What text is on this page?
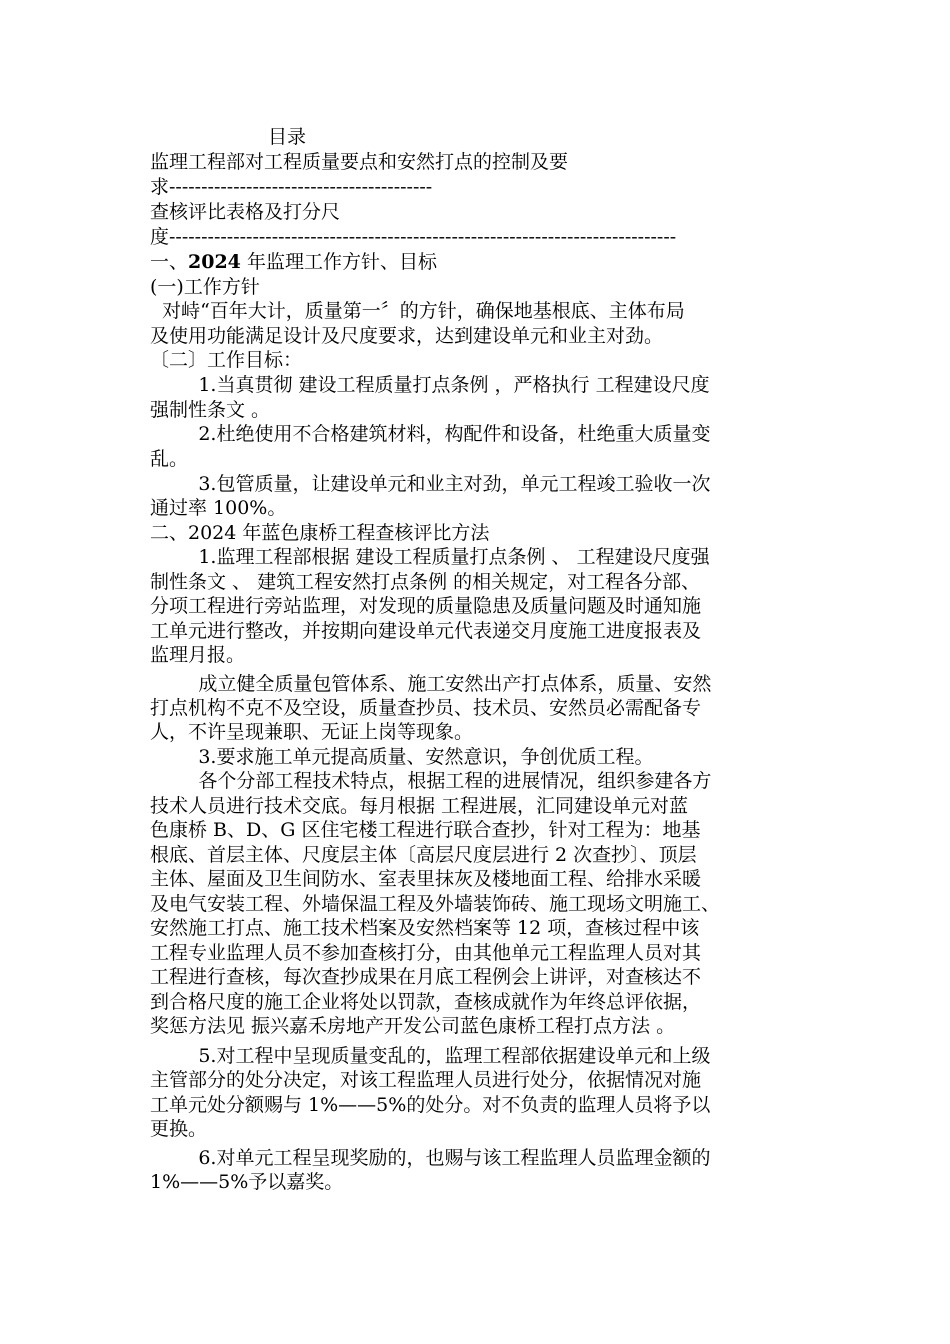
目录
监理工程部对工程质量要点和安然打点的控制及要
求-----------------------------------------
查核评比表格及打分尺
度-------------------------------------------------------------------------------
一、2024 年监理工作方针、目标
(一)工作方针
对峙“百年大计，质量第一〞的方针，确保地基根底、主体布局
及使用功能满足设计及尺度要求，达到建设单元和业主对劲。
〔二〕工作目标：
1.当真贯彻 建设工程质量打点条例 ，严格执行 工程建设尺度
强制性条文 。
2.杜绝使用不合格建筑材料，构配件和设备，杜绝重大质量变
乱。
3.包管质量，让建设单元和业主对劲，单元工程竣工验收一次
通过率 100%。
二、2024 年蓝色康桥工程查核评比方法
1.监理工程部根据 建设工程质量打点条例 、 工程建设尺度强
制性条文 、 建筑工程安然打点条例 的相关规定，对工程各分部、
分项工程进行旁站监理，对发现的质量隐患及质量问题及时通知施
工单元进行整改，并按期向建设单元代表递交月度施工进度报表及
监理月报。
成立健全质量包管体系、施工安然出产打点体系，质量、安然
打点机构不克不及空设，质量查抄员、技术员、安然员必需配备专
人，不许呈现兼职、无证上岗等现象。
3.要求施工单元提高质量、安然意识，争创优质工程。
各个分部工程技术特点，根据工程的进展情况，组织参建各方
技术人员进行技术交底。每月根据 工程进展，汇同建设单元对蓝
色康桥 B、D、G 区住宅楼工程进行联合查抄，针对工程为：地基
根底、首层主体、尺度层主体〔高层尺度层进行 2 次查抄〕、顶层
主体、屋面及卫生间防水、室表里抹灰及楼地面工程、给排水采暖
及电气安装工程、外墙保温工程及外墙装饰砖、施工现场文明施工、
安然施工打点、施工技术档案及安然档案等 12 项，查核过程中该
工程专业监理人员不参加查核打分，由其他单元工程监理人员对其
工程进行查核，每次查抄成果在月底工程例会上讲评，对查核达不
到合格尺度的施工企业将处以罚款，查核成就作为年终总评依据，
奖惩方法见 振兴嘉禾房地产开发公司蓝色康桥工程打点方法 。
5.对工程中呈现质量变乱的，监理工程部依据建设单元和上级
主管部分的处分决定，对该工程监理人员进行处分，依据情况对施
工单元处分额赐与 1%——5%的处分。对不负责的监理人员将予以
更换。
6.对单元工程呈现奖励的，也赐与该工程监理人员监理金额的
1%——5%予以嘉奖。
